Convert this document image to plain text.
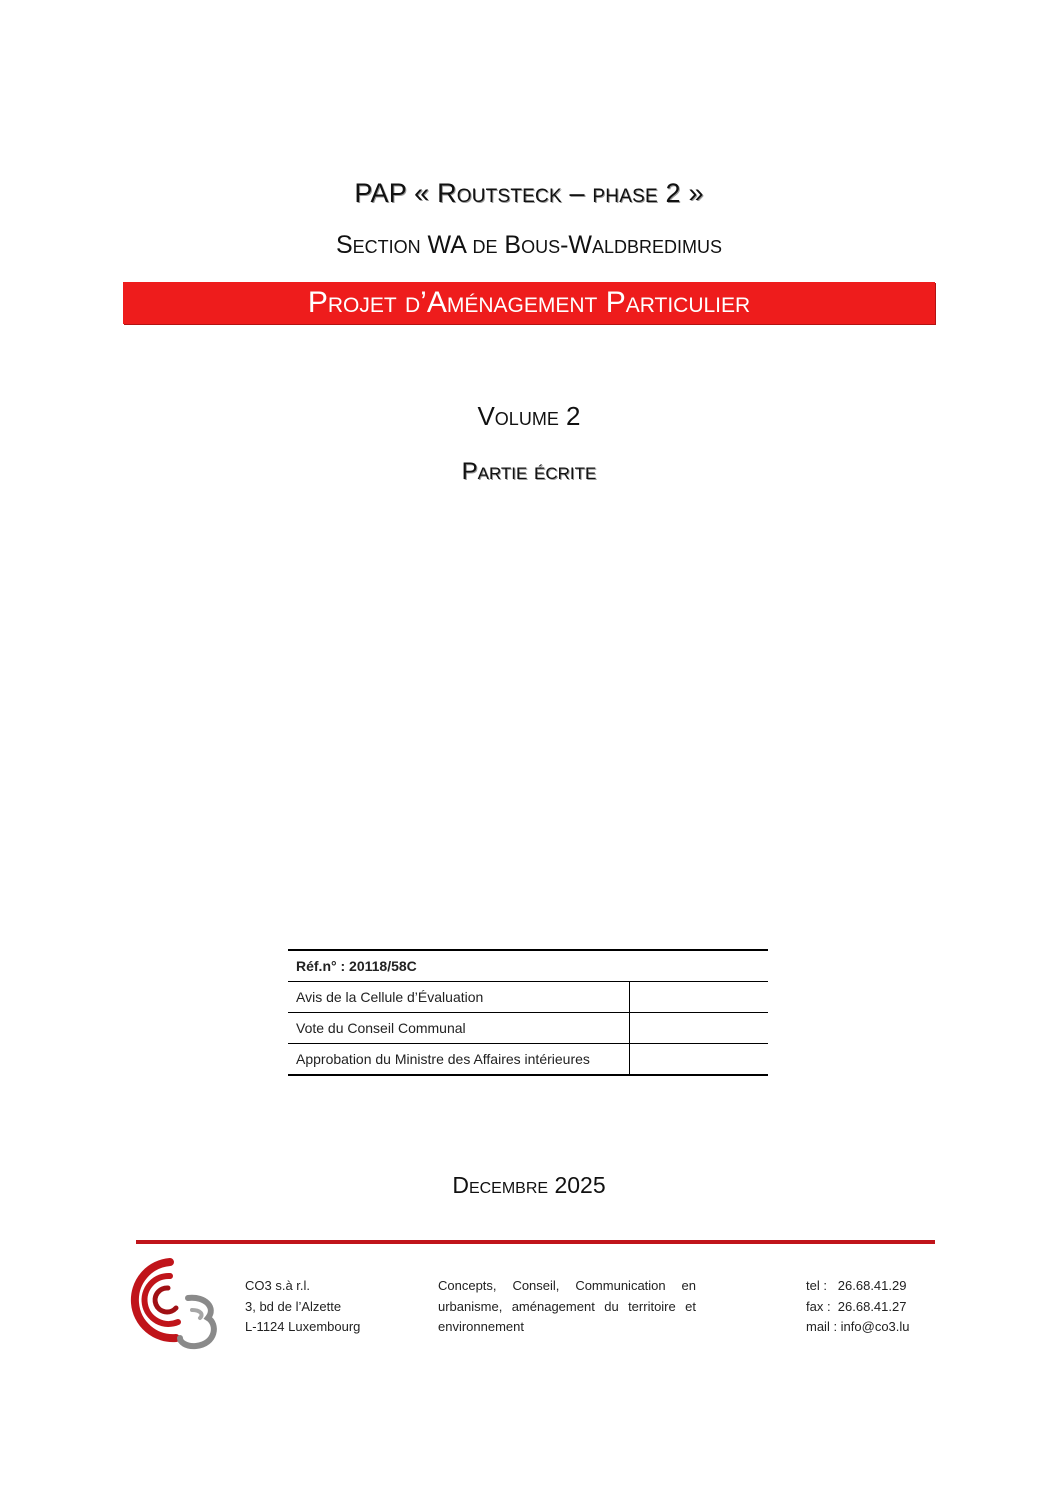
PAP « Routsteck – phase 2 »
Section WA de Bous-Waldbredimus
Projet d’Aménagement Particulier
Volume 2
Partie écrite
Réf.n° : 20118/58C	
Avis de la Cellule d’Évaluation	
Vote du Conseil Communal	
Approbation du Ministre des Affaires intérieures	
Decembre 2025
CO3 s.à r.l.
3, bd de l’Alzette
L-1124 Luxembourg
Concepts, Conseil, Communication en
urbanisme, aménagement du territoire et
environnement
tel :   26.68.41.29
fax :  26.68.41.27
mail : info@co3.lu
